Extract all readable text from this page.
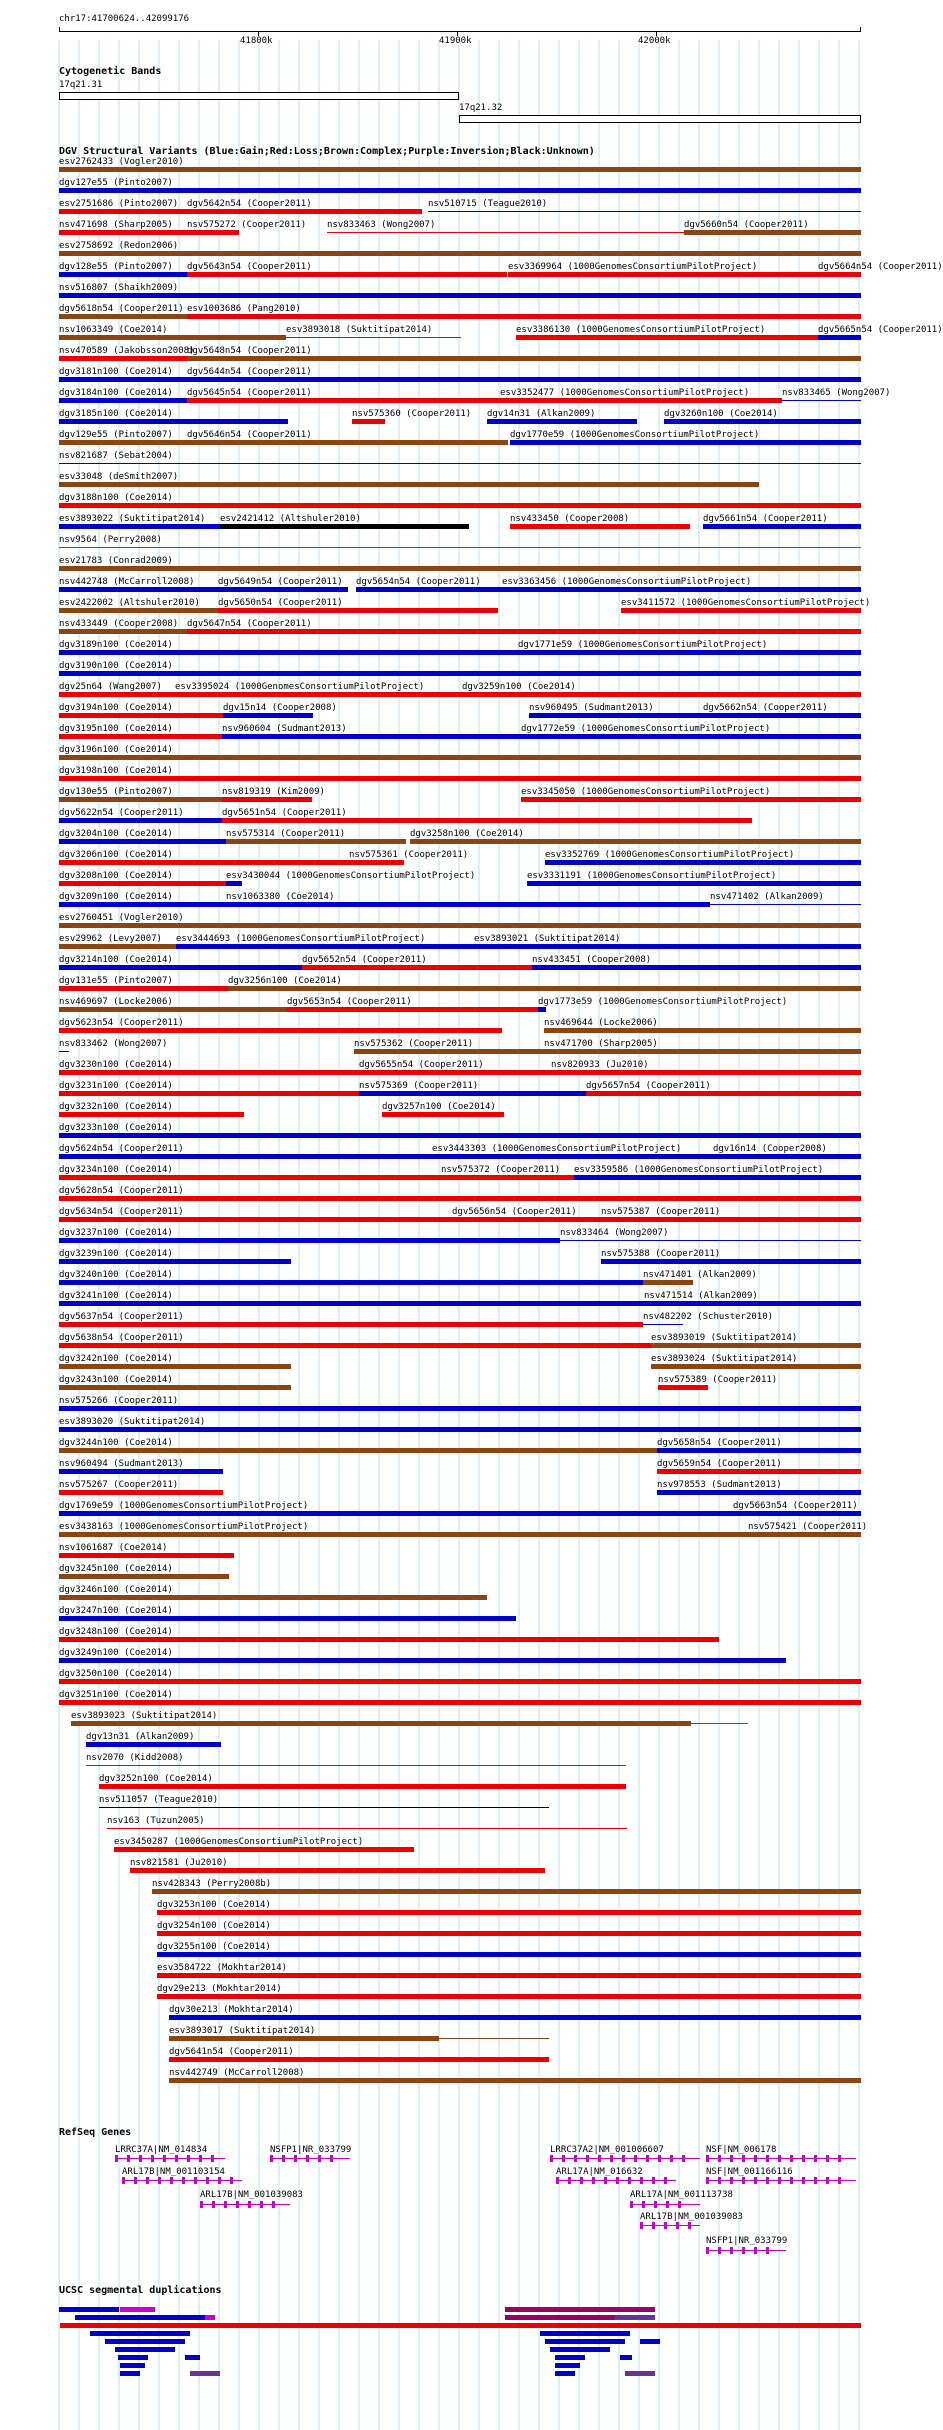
chr17:41700624..42099176
41800k	41900k	42000k
Cytogenetic Bands
17q21.31
17q21.32
DGV Structural Variants (Blue:Gain;Red:Loss;Brown:Complex;Purple:Inversion;Black:Unknown)
RefSeq Genes
UCSC segmental duplications
esv2762433 (Vogler2010)
dgv127e55 (Pinto2007)
esv2751686 (Pinto2007) dgv5642n54 (Cooper2011)	nsv510715 (Teague2010)
nsv471698 (Sharp2005) nsv575272 (Cooper2011) nsv833463 (Wong2007)	dgv5660n54 (Cooper2011)
esv2758692 (Redon2006)
dgv128e55 (Pinto2007) dgv5643n54 (Cooper2011)	esv3369964 (1000GenomesConsortiumPilotProject)	dgv5664n54 (Cooper2011)
nsv516807 (Shaikh2009)
dgv5618n54 (Cooper2011) esv1003686 (Pang2010)
nsv1063349 (Coe2014)	esv3893018 (Suktitipat2014)	esv3386130 (1000GenomesConsortiumPilotProject)	dgv5665n54 (Cooper2011)
nsv470589 (Jakobsson2008)
dgv5648n54 (Cooper2011)
dgv3181n100 (Coe2014) dgv5644n54 (Cooper2011)
dgv3184n100 (Coe2014) dgv5645n54 (Cooper2011)	esv3352477 (1000GenomesConsortiumPilotProject)	nsv833465 (Wong2007)
dgv3185n100 (Coe2014)	nsv575360 (Cooper2011) dgv14n31 (Alkan2009)	dgv3260n100 (Coe2014)
dgv129e55 (Pinto2007) dgv5646n54 (Cooper2011)	dgv1770e59 (1000GenomesConsortiumPilotProject)
nsv821687 (Sebat2004)
esv33048 (deSmith2007)
dgv3188n100 (Coe2014)
esv3893022 (Suktitipat2014) esv2421412 (Altshuler2010)	nsv433450 (Cooper2008)	dgv5661n54 (Cooper2011)
nsv9564 (Perry2008)
esv21783 (Conrad2009)
nsv442748 (McCarroll2008)	dgv5649n54 (Cooper2011) dgv5654n54 (Cooper2011) esv3363456 (1000GenomesConsortiumPilotProject)
esv2422002 (Altshuler2010) dgv5650n54 (Cooper2011)	esv3411572 (1000GenomesConsortiumPilotProject)
nsv433449 (Cooper2008) dgv5647n54 (Cooper2011)
dgv3189n100 (Coe2014)	dgv1771e59 (1000GenomesConsortiumPilotProject)
dgv3190n100 (Coe2014)
dgv25n64 (Wang2007) esv3395024 (1000GenomesConsortiumPilotProject)	dgv3259n100 (Coe2014)
dgv3194n100 (Coe2014)	dgv15n14 (Cooper2008)	nsv960495 (Sudmant2013)	dgv5662n54 (Cooper2011)
dgv3195n100 (Coe2014)	nsv960604 (Sudmant2013)	dgv1772e59 (1000GenomesConsortiumPilotProject)
dgv3196n100 (Coe2014)
dgv3198n100 (Coe2014)
dgv130e55 (Pinto2007)	nsv819319 (Kim2009)	esv3345050 (1000GenomesConsortiumPilotProject)
dgv5622n54 (Cooper2011)	dgv5651n54 (Cooper2011)
dgv3204n100 (Coe2014)	nsv575314 (Cooper2011)	dgv3258n100 (Coe2014)
dgv3206n100 (Coe2014)	nsv575361 (Cooper2011)	esv3352769 (1000GenomesConsortiumPilotProject)
dgv3208n100 (Coe2014)	esv3430044 (1000GenomesConsortiumPilotProject)	esv3331191 (1000GenomesConsortiumPilotProject)
dgv3209n100 (Coe2014)	nsv1063380 (Coe2014)	nsv471402 (Alkan2009)
esv2760451 (Vogler2010)
esv29962 (Levy2007) esv3444693 (1000GenomesConsortiumPilotProject)	esv3893021 (Suktitipat2014)
dgv3214n100 (Coe2014)	dgv5652n54 (Cooper2011)	nsv433451 (Cooper2008)
dgv131e55 (Pinto2007)	dgv3256n100 (Coe2014)
nsv469697 (Locke2006)	dgv5653n54 (Cooper2011)	dgv1773e59 (1000GenomesConsortiumPilotProject)
dgv5623n54 (Cooper2011)	nsv469644 (Locke2006)
nsv833462 (Wong2007)	nsv575362 (Cooper2011)	nsv471700 (Sharp2005)
dgv3230n100 (Coe2014)	dgv5655n54 (Cooper2011)	nsv820933 (Ju2010)
dgv3231n100 (Coe2014)	nsv575369 (Cooper2011)	dgv5657n54 (Cooper2011)
dgv3232n100 (Coe2014)	dgv3257n100 (Coe2014)
dgv3233n100 (Coe2014)
dgv5624n54 (Cooper2011)	esv3443303 (1000GenomesConsortiumPilotProject)	dgv16n14 (Cooper2008)
dgv3234n100 (Coe2014)	nsv575372 (Cooper2011) esv3359586 (1000GenomesConsortiumPilotProject)
dgv5628n54 (Cooper2011)
dgv5634n54 (Cooper2011)	dgv5656n54 (Cooper2011)	nsv575387 (Cooper2011)
dgv3237n100 (Coe2014)	nsv833464 (Wong2007)
dgv3239n100 (Coe2014)	nsv575388 (Cooper2011)
dgv3240n100 (Coe2014)	nsv471401 (Alkan2009)
dgv3241n100 (Coe2014)	nsv471514 (Alkan2009)
dgv5637n54 (Cooper2011)	nsv482202 (Schuster2010)
dgv5638n54 (Cooper2011)	esv3893019 (Suktitipat2014)
dgv3242n100 (Coe2014)	esv3893024 (Suktitipat2014)
dgv3243n100 (Coe2014)	nsv575389 (Cooper2011)
nsv575266 (Cooper2011)
esv3893020 (Suktitipat2014)
dgv3244n100 (Coe2014)	dgv5658n54 (Cooper2011)
nsv960494 (Sudmant2013)	dgv5659n54 (Cooper2011)
nsv575267 (Cooper2011)	nsv978553 (Sudmant2013)
dgv1769e59 (1000GenomesConsortiumPilotProject)	dgv5663n54 (Cooper2011)
esv3438163 (1000GenomesConsortiumPilotProject)	nsv575421 (Cooper2011)
nsv1061687 (Coe2014)
dgv3245n100 (Coe2014)
dgv3246n100 (Coe2014)
dgv3247n100 (Coe2014)
dgv3248n100 (Coe2014)
dgv3249n100 (Coe2014)
dgv3250n100 (Coe2014)
dgv3251n100 (Coe2014)
esv3893023 (Suktitipat2014)
dgv13n31 (Alkan2009)
nsv2070 (Kidd2008)
dgv3252n100 (Coe2014)
nsv511057 (Teague2010)
nsv163 (Tuzun2005)
esv3450287 (1000GenomesConsortiumPilotProject)
nsv821581 (Ju2010)
nsv428343 (Perry2008b)
dgv3253n100 (Coe2014)
dgv3254n100 (Coe2014)
dgv3255n100 (Coe2014)
esv3584722 (Mokhtar2014)
dgv29e213 (Mokhtar2014)
dgv30e213 (Mokhtar2014)
esv3893017 (Suktitipat2014)
dgv5641n54 (Cooper2011)
nsv442749 (McCarroll2008)
LRRC37A|NM_014834	NSFP1|NR_033799	LRRC37A2|NM_001006607	NSF|NM_006178
ARL17B|NM_001103154	ARL17A|NM_016632	NSF|NM_001166116
ARL17B|NM_001039083	ARL17A|NM_001113738
ARL17B|NM_001039083
NSFP1|NR_033799
